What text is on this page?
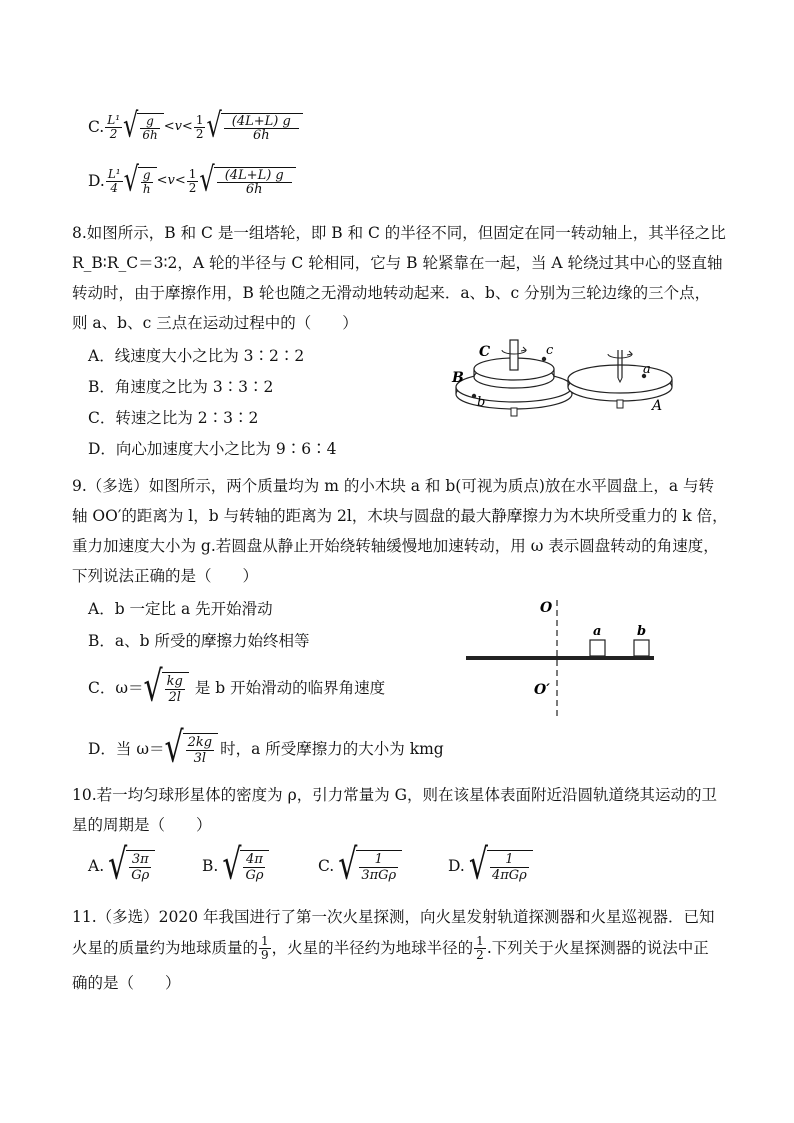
C. $\frac{\text{L¹}}{2}$ √ $\frac{g}{6h} <v< \frac{1}{2}$ √ $\frac{(4L+L) g}{6h}$
D. $\frac{\text{L¹}}{4}$ √ $\frac{g}{h} <v< \frac{1}{2}$ √ $\frac{(4L+L) g}{6h}$
8.如图所示，B 和 C 是一组塔轮，即 B 和 C 的半径不同，但固定在同一转动轴上，其半径之比
R_B∶R_C＝3∶2，A 轮的半径与 C 轮相同，它与 B 轮紧靠在一起，当 A 轮绕过其中心的竖直轴
转动时，由于摩擦作用，B 轮也随之无滑动地转动起来．a、b、c 分别为三轮边缘的三个点，
则 a、b、c 三点在运动过程中的（　　）
A．线速度大小之比为 3∶2∶2
B．角速度之比为 3∶3∶2
C．转速之比为 2∶3∶2
D．向心加速度大小之比为 9∶6∶4
C	c
B
b
a
A
9.（多选）如图所示，两个质量均为 m 的小木块 a 和 b(可视为质点)放在水平圆盘上，a 与转
轴 OO′的距离为 l，b 与转轴的距离为 2l，木块与圆盘的最大静摩擦力为木块所受重力的 k 倍，
重力加速度大小为 g.若圆盘从静止开始绕转轴缓慢地加速转动，用 ω 表示圆盘转动的角速度，
下列说法正确的是（　　）
A．b 一定比 a 先开始滑动
B．a、b 所受的摩擦力始终相等
C．ω＝ √ $\frac{kg}{2l}$ 是 b 开始滑动的临界角速度
D．当 ω＝ √ $\frac{2kg}{3l}$ 时，a 所受摩擦力的大小为 kmg
O
O′
a	b
10.若一均匀球形星体的密度为 ρ，引力常量为 G，则在该星体表面附近沿圆轨道绕其运动的卫
星的周期是（　　）
A. √ $\frac{3\pi}{G\rho}$	B. √ $\frac{4\pi}{G\rho}$	C. √ $\frac{1}{\text{3πGρ}}$	D. √ $\frac{1}{\text{4πGρ}}$
11.（多选）2020 年我国进行了第一次火星探测，向火星发射轨道探测器和火星巡视器．已知
火星的质量约为地球质量的 $\frac{1}{9}$ ，火星的半径约为地球半径的 $\frac{1}{2}$ .下列关于火星探测器的说法中正
确的是（　　）
